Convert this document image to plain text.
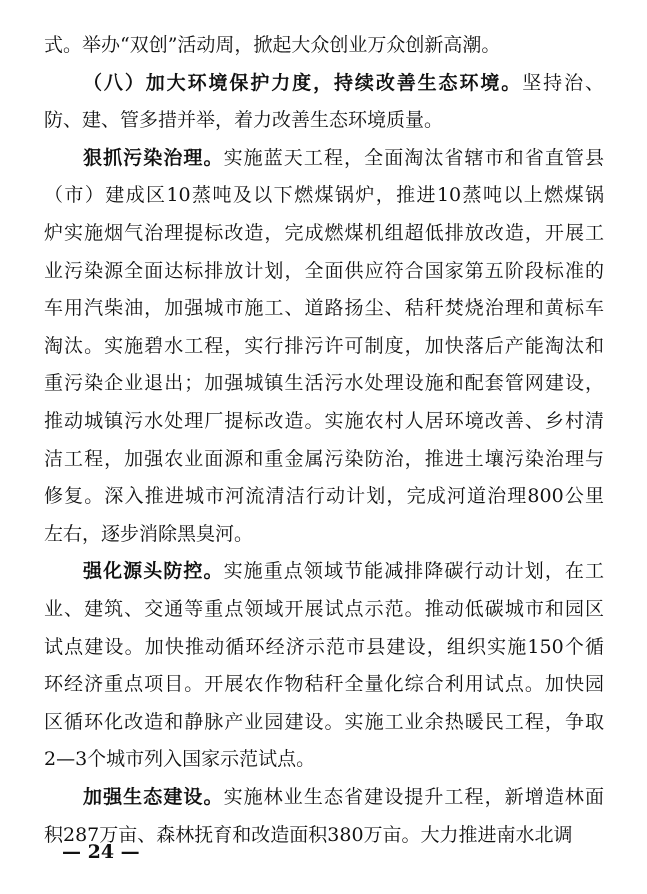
式。举办“双创”活动周，掀起大众创业万众创新高潮。
（八）加大环境保护力度，持续改善生态环境。坚持治、
防、建、管多措并举，着力改善生态环境质量。
狠抓污染治理。实施蓝天工程，全面淘汰省辖市和省直管县
（市）建成区10蒸吨及以下燃煤锅炉，推进10蒸吨以上燃煤锅
炉实施烟气治理提标改造，完成燃煤机组超低排放改造，开展工
业污染源全面达标排放计划，全面供应符合国家第五阶段标准的
车用汽柴油，加强城市施工、道路扬尘、秸秆焚烧治理和黄标车
淘汰。实施碧水工程，实行排污许可制度，加快落后产能淘汰和
重污染企业退出；加强城镇生活污水处理设施和配套管网建设，
推动城镇污水处理厂提标改造。实施农村人居环境改善、乡村清
洁工程，加强农业面源和重金属污染防治，推进土壤污染治理与
修复。深入推进城市河流清洁行动计划，完成河道治理800公里
左右，逐步消除黑臭河。
强化源头防控。实施重点领域节能减排降碳行动计划，在工
业、建筑、交通等重点领域开展试点示范。推动低碳城市和园区
试点建设。加快推动循环经济示范市县建设，组织实施150个循
环经济重点项目。开展农作物秸秆全量化综合利用试点。加快园
区循环化改造和静脉产业园建设。实施工业余热暖民工程，争取
2—3个城市列入国家示范试点。
加强生态建设。实施林业生态省建设提升工程，新增造林面
积287万亩、森林抚育和改造面积380万亩。大力推进南水北调
— 24 —
